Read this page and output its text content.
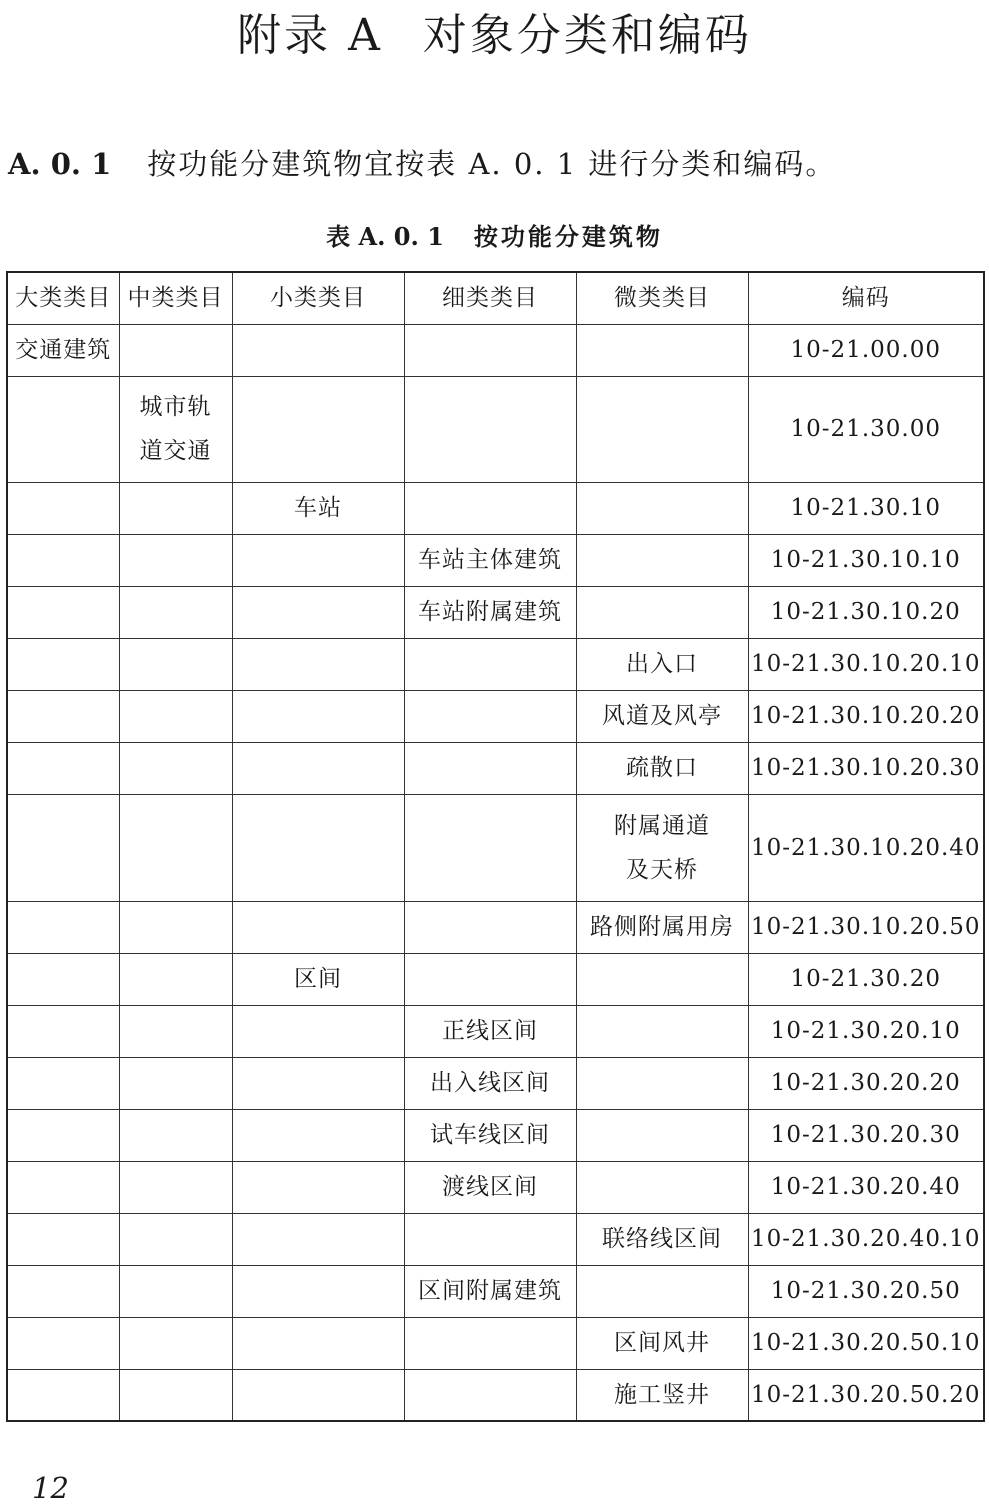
附录 A 对象分类和编码
A. 0. 1 按功能分建筑物宜按表 A. 0. 1 进行分类和编码。
表 A. 0. 1 按功能分建筑物
大类类目	中类类目	小类类目	细类类目	微类类目	编码
交通建筑					10-21.00.00

	城市轨道交通				10-21.30.00
		车站			10-21.30.10
			车站主体建筑		10-21.30.10.10
			车站附属建筑		10-21.30.10.20
				出入口	10-21.30.10.20.10
				风道及风亭	10-21.30.10.20.20
				疏散口	10-21.30.10.20.30

				附属通道及天桥	10-21.30.10.20.40
				路侧附属用房	10-21.30.10.20.50
		区间			10-21.30.20
			正线区间		10-21.30.20.10
			出入线区间		10-21.30.20.20
			试车线区间		10-21.30.20.30
			渡线区间		10-21.30.20.40
				联络线区间	10-21.30.20.40.10
			区间附属建筑		10-21.30.20.50
				区间风井	10-21.30.20.50.10
				施工竖井	10-21.30.20.50.20
12
